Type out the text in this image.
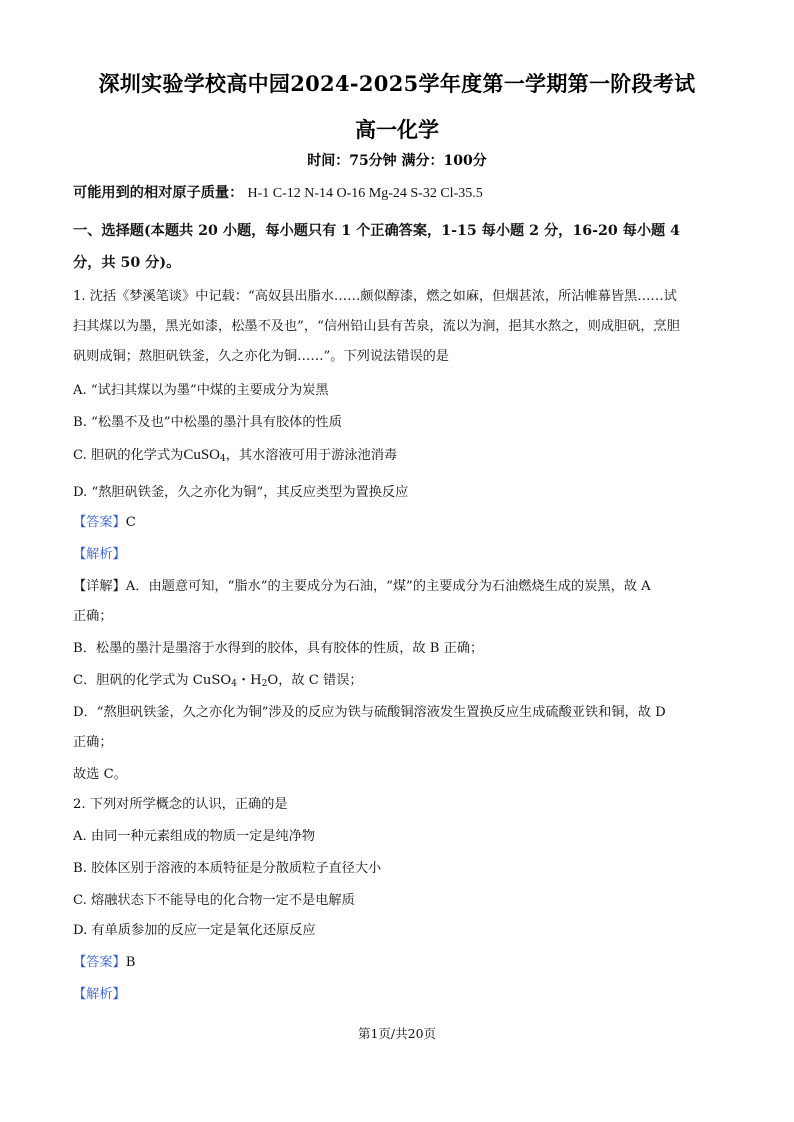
深圳实验学校高中园2024-2025学年度第一学期第一阶段考试
高一化学
时间：75分钟 满分：100分
可能用到的相对原子质量： H-1 C-12 N-14 O-16 Mg-24 S-32 Cl-35.5
一、选择题(本题共 20 小题，每小题只有 1 个正确答案，1-15 每小题 2 分，16-20 每小题 4
分，共 50 分)。
1. 沈括《梦溪笔谈》中记载：“高奴县出脂水……颇似醇漆，燃之如麻，但烟甚浓，所沾帷幕皆黑……试
扫其煤以为墨，黑光如漆，松墨不及也”，“信州铅山县有苦泉，流以为涧，挹其水熬之，则成胆矾，烹胆
矾则成铜；熬胆矾铁釜，久之亦化为铜……”。下列说法错误的是
A. “试扫其煤以为墨”中煤的主要成分为炭黑
B. “松墨不及也”中松墨的墨汁具有胶体的性质
C. 胆矾的化学式为CuSO$_4$，其水溶液可用于游泳池消毒
D. “熬胆矾铁釜，久之亦化为铜”，其反应类型为置换反应
【答案】C
【解析】
【详解】A．由题意可知，“脂水”的主要成分为石油，“煤”的主要成分为石油燃烧生成的炭黑，故 A
正确；
B．松墨的墨汁是墨溶于水得到的胶体，具有胶体的性质，故 B 正确；
C．胆矾的化学式为 CuSO$_4$・$H_2O$，故 C 错误；
D．“熬胆矾铁釜，久之亦化为铜”涉及的反应为铁与硫酸铜溶液发生置换反应生成硫酸亚铁和铜，故 D
正确；
故选 C。
2. 下列对所学概念的认识，正确的是
A. 由同一种元素组成的物质一定是纯净物
B. 胶体区别于溶液的本质特征是分散质粒子直径大小
C. 熔融状态下不能导电的化合物一定不是电解质
D. 有单质参加的反应一定是氧化还原反应
【答案】B
【解析】
第1页/共20页
